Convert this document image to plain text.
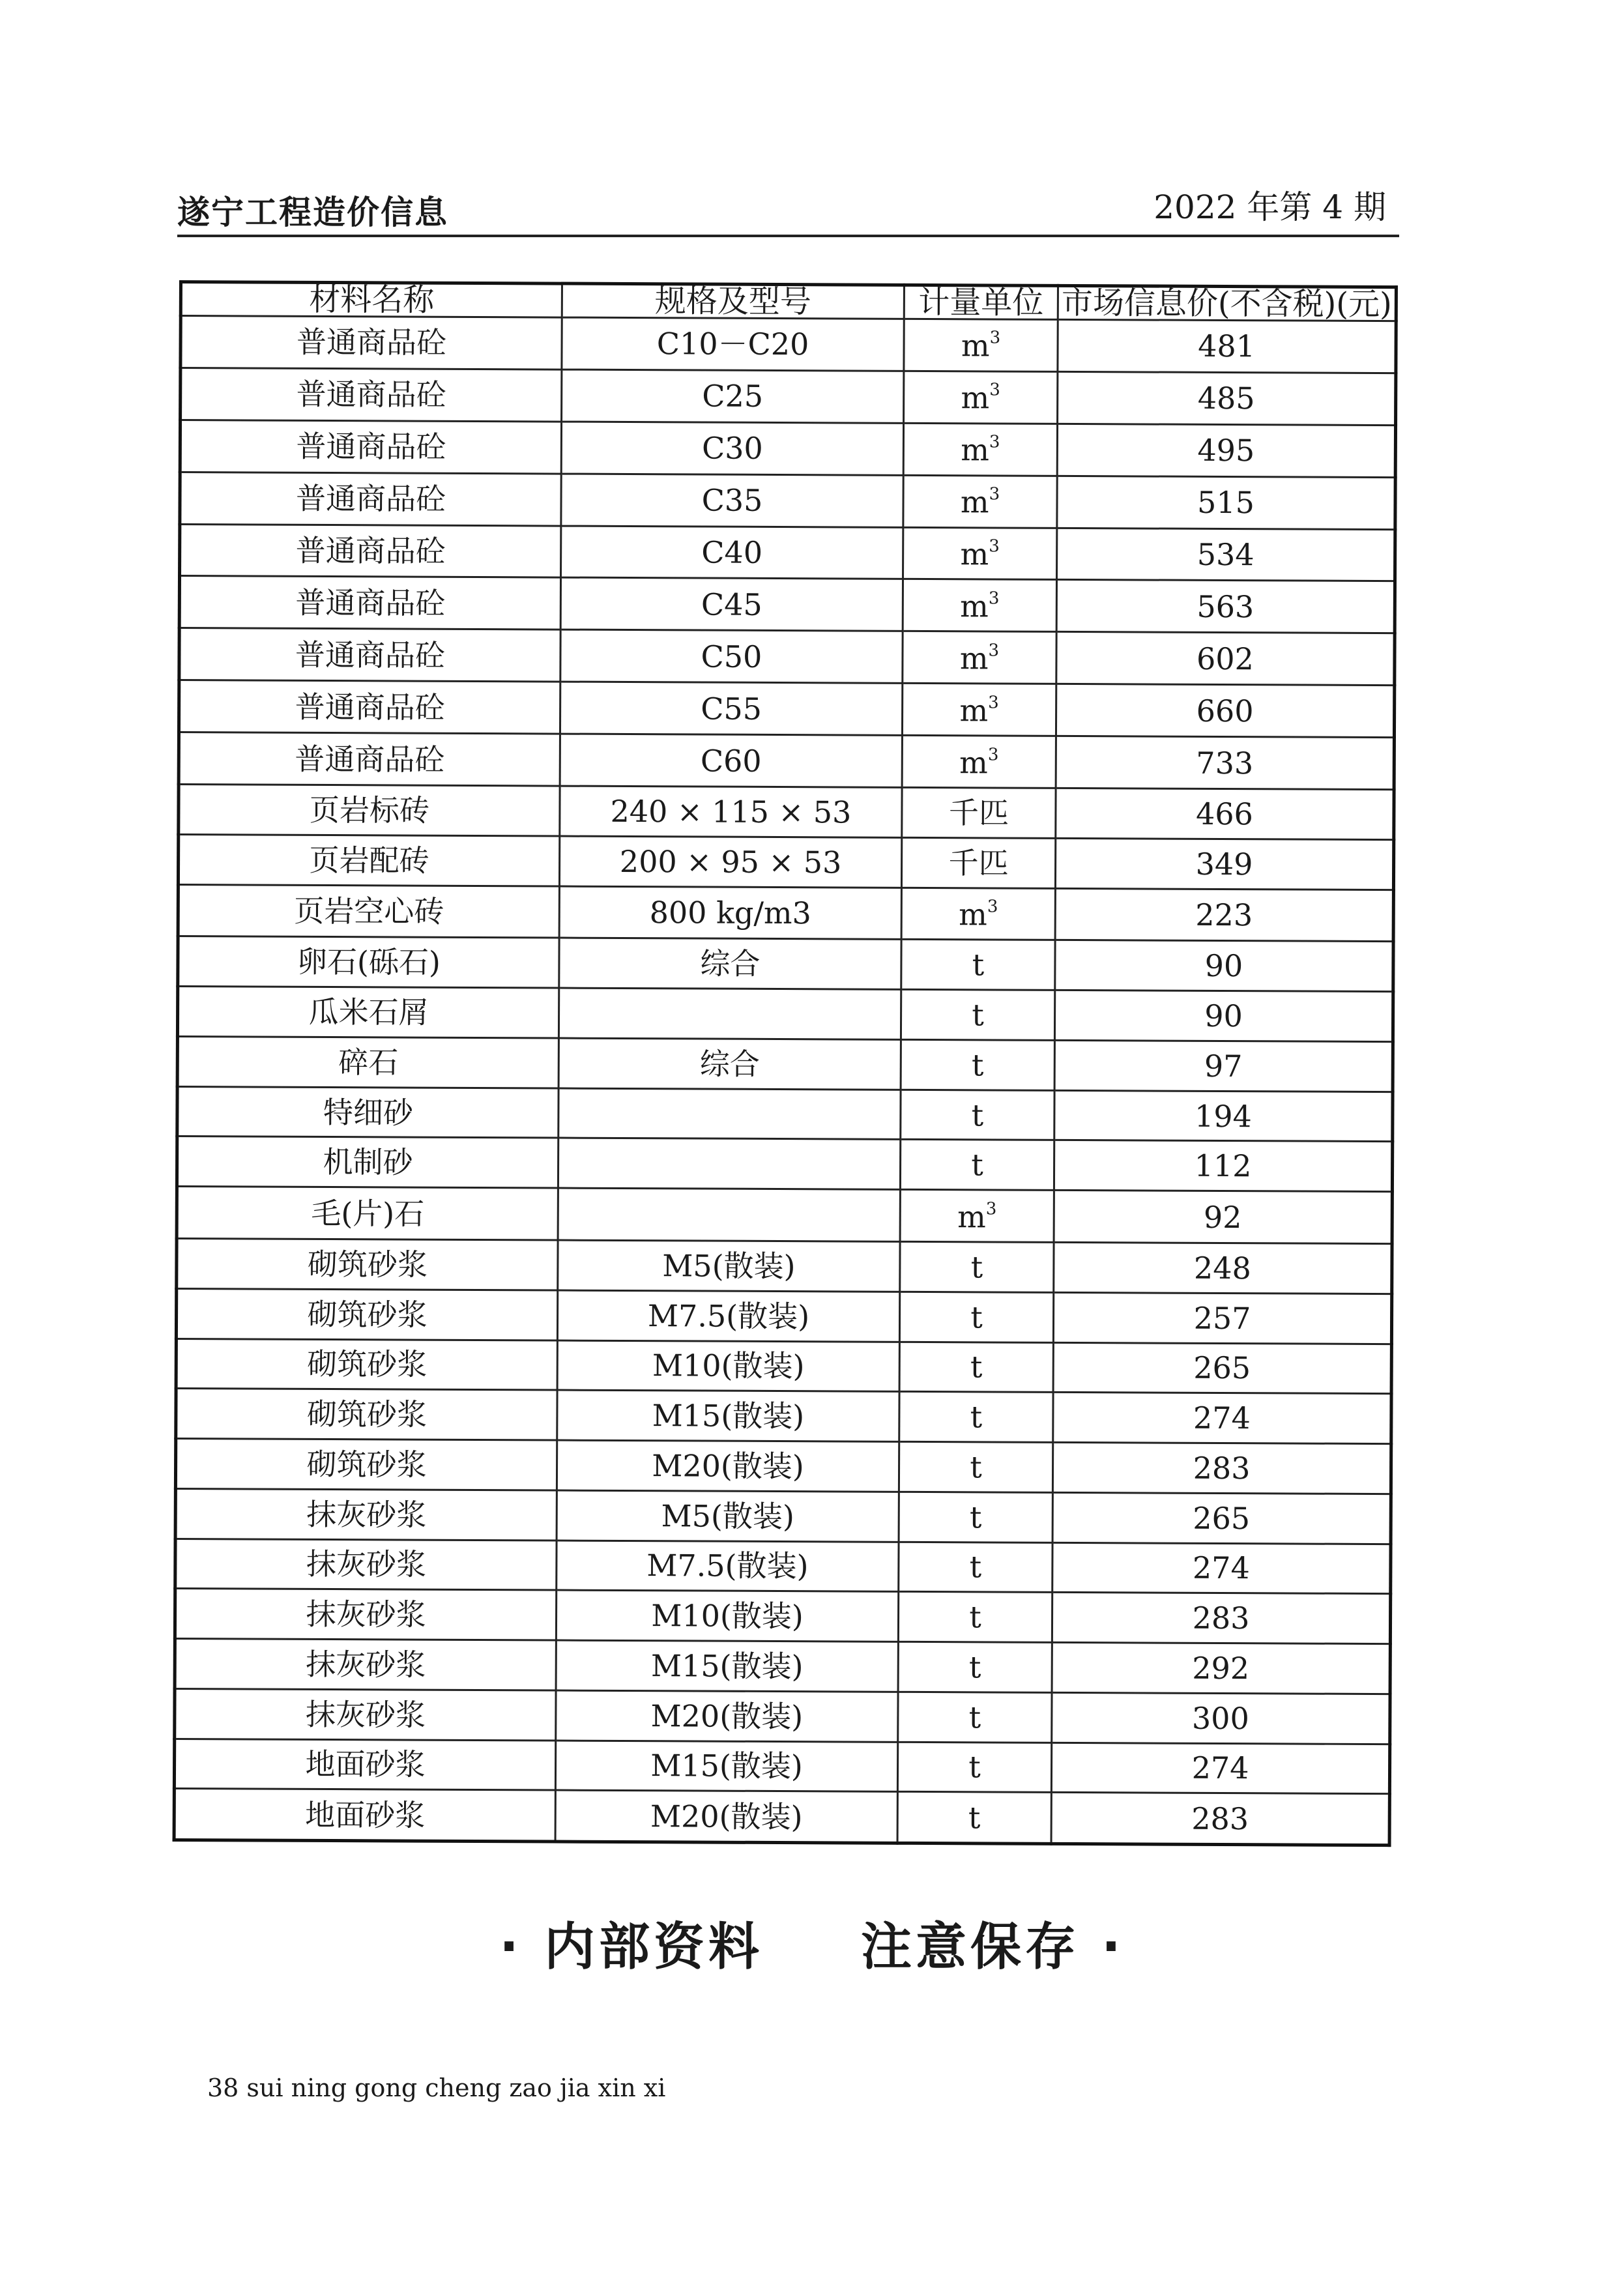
遂宁工程造价信息	2022 年第 4 期
材料名称	规格及型号	计量单位	市场信息价(不含税)(元)
普通商品砼	C10－C20	$m^3$	481
普通商品砼	C25	$m^3$	485
普通商品砼	C30	$m^3$	495
普通商品砼	C35	$m^3$	515
普通商品砼	C40	$m^3$	534
普通商品砼	C45	$m^3$	563
普通商品砼	C50	$m^3$	602
普通商品砼	C55	$m^3$	660
普通商品砼	C60	$m^3$	733
页岩标砖	240 × 115 × 53	千匹	466
页岩配砖	200 × 95 × 53	千匹	349
页岩空心砖	800 kg/m3	$m^3$	223
卵石(砾石)	综合	t	90
瓜米石屑		t	90
碎石	综合	t	97
特细砂		t	194
机制砂		t	112
毛(片)石		$m^3$	92
砌筑砂浆	M5(散装)	t	248
砌筑砂浆	M7.5(散装)	t	257
砌筑砂浆	M10(散装)	t	265
砌筑砂浆	M15(散装)	t	274
砌筑砂浆	M20(散装)	t	283
抹灰砂浆	M5(散装)	t	265
抹灰砂浆	M7.5(散装)	t	274
抹灰砂浆	M10(散装)	t	283
抹灰砂浆	M15(散装)	t	292
抹灰砂浆	M20(散装)	t	300
地面砂浆	M15(散装)	t	274
地面砂浆	M20(散装)	t	283
· 内部资料 注意保存 ·
38 sui ning gong cheng zao jia xin xi
